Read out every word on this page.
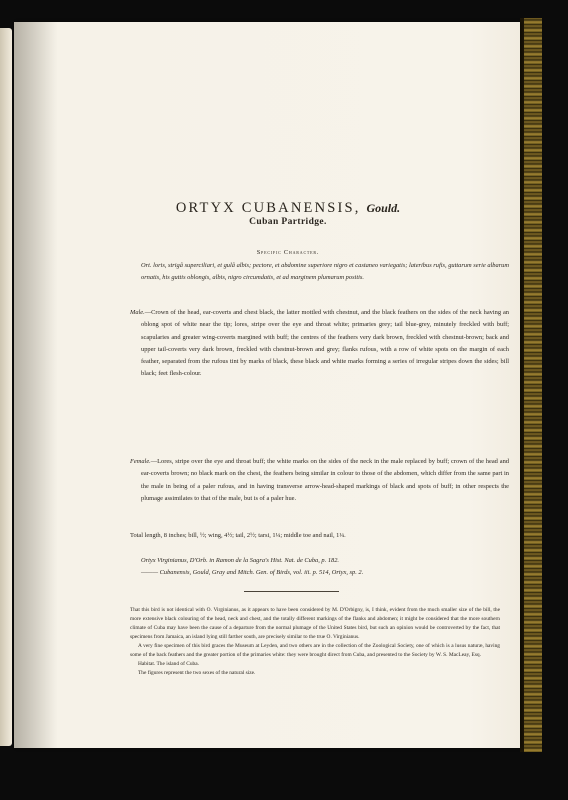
ORTYX CUBANENSIS, Gould.
Cuban Partridge.
Specific Character.

Ort. loris, strigâ superciliari, et gulâ albis; pectore, et abdomine superiore nigro et castaneo variegatis; lateribus rufis, guttarum serie albarum ornatis, his guttis oblongis, albis, nigro circumdatis, et ad marginem plumarum positis.

Male.—Crown of the head, ear-coverts and chest black, the latter mottled with chestnut, and the black feathers on the sides of the neck having an oblong spot of white near the tip; lores, stripe over the eye and throat white; primaries grey; tail blue-grey, minutely freckled with buff; scapularies and greater wing-coverts margined with buff; the centres of the feathers very dark brown, freckled with chestnut-brown; back and upper tail-coverts very dark brown, freckled with chestnut-brown and grey; flanks rufous, with a row of white spots on the margin of each feather, separated from the rufous tint by marks of black, these black and white marks forming a series of irregular stripes down the sides; bill black; feet flesh-colour.

Female.—Lores, stripe over the eye and throat buff; the white marks on the sides of the neck in the male replaced by buff; crown of the head and ear-coverts brown; no black mark on the chest, the feathers being similar in colour to those of the abdomen, which differ from the same part in the male in being of a paler rufous, and in having transverse arrow-head-shaped markings of black and spots of buff; in other respects the plumage assimilates to that of the male, but is of a paler hue.

Total length, 8 inches; bill, ½; wing, 4½; tail, 2½; tarsi, 1¼; middle toe and nail, 1¼.

Ortyx Virginianus, D'Orb. in Ramon de la Sagra's Hist. Nat. de Cuba, p. 182.
——— Cubanensis, Gould, Gray and Mitch. Gen. of Birds, vol. iii. p. 514, Ortyx, sp. 2.

That this bird is not identical with O. Virginianus, as it appears to have been considered by M. D'Orbigny, is, I think, evident from the much smaller size of the bill, the more extensive black colouring of the head, neck and chest, and the totally different markings of the flanks and abdomen; it might be considered that the more southern climate of Cuba may have been the cause of a departure from the normal plumage of the United States bird, but such an opinion would be controverted by the fact, that specimens from Jamaica, an island lying still farther south, are precisely similar to the true O. Virginianus.

A very fine specimen of this bird graces the Museum at Leyden, and two others are in the collection of the Zoological Society, one of which is a lusus naturæ, having some of the back feathers and the greater portion of the primaries white: they were brought direct from Cuba, and presented to the Society by W. S. MacLeay, Esq.

Habitat. The island of Cuba.

The figures represent the two sexes of the natural size.
